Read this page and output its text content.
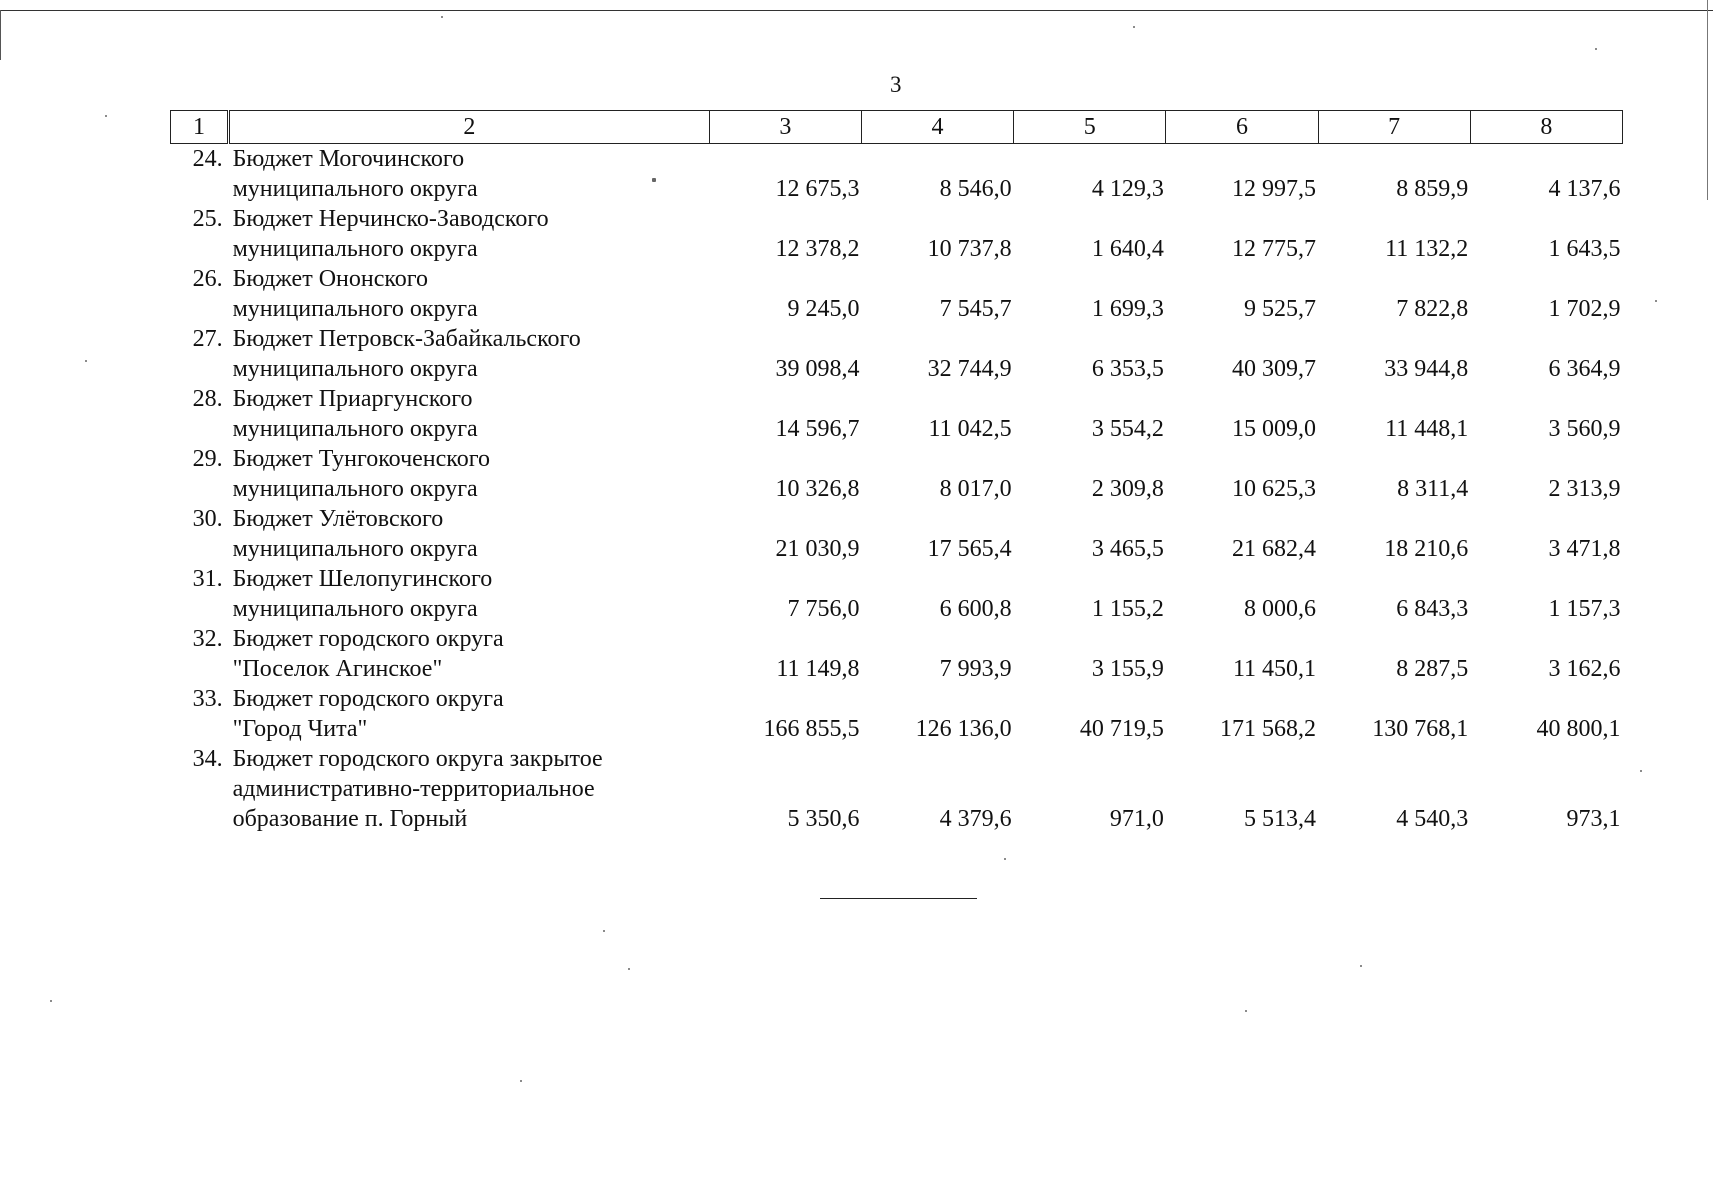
3
1	2	3	4	5	6	7	8
24.	Бюджет Могочинского
муниципального округа	12 675,3	8 546,0	4 129,3	12 997,5	8 859,9	4 137,6
25.	Бюджет Нерчинско-Заводского
муниципального округа	12 378,2	10 737,8	1 640,4	12 775,7	11 132,2	1 643,5
26.	Бюджет Ононского
муниципального округа	9 245,0	7 545,7	1 699,3	9 525,7	7 822,8	1 702,9
27.	Бюджет Петровск-Забайкальского
муниципального округа	39 098,4	32 744,9	6 353,5	40 309,7	33 944,8	6 364,9
28.	Бюджет Приаргунского
муниципального округа	14 596,7	11 042,5	3 554,2	15 009,0	11 448,1	3 560,9
29.	Бюджет Тунгокоченского
муниципального округа	10 326,8	8 017,0	2 309,8	10 625,3	8 311,4	2 313,9
30.	Бюджет Улётовского
муниципального округа	21 030,9	17 565,4	3 465,5	21 682,4	18 210,6	3 471,8
31.	Бюджет Шелопугинского
муниципального округа	7 756,0	6 600,8	1 155,2	8 000,6	6 843,3	1 157,3
32.	Бюджет городского округа
"Поселок Агинское"	11 149,8	7 993,9	3 155,9	11 450,1	8 287,5	3 162,6
33.	Бюджет городского округа
"Город Чита"	166 855,5	126 136,0	40 719,5	171 568,2	130 768,1	40 800,1
34.	Бюджет городского округа закрытое
административно-территориальное
образование п. Горный	5 350,6	4 379,6	971,0	5 513,4	4 540,3	973,1
